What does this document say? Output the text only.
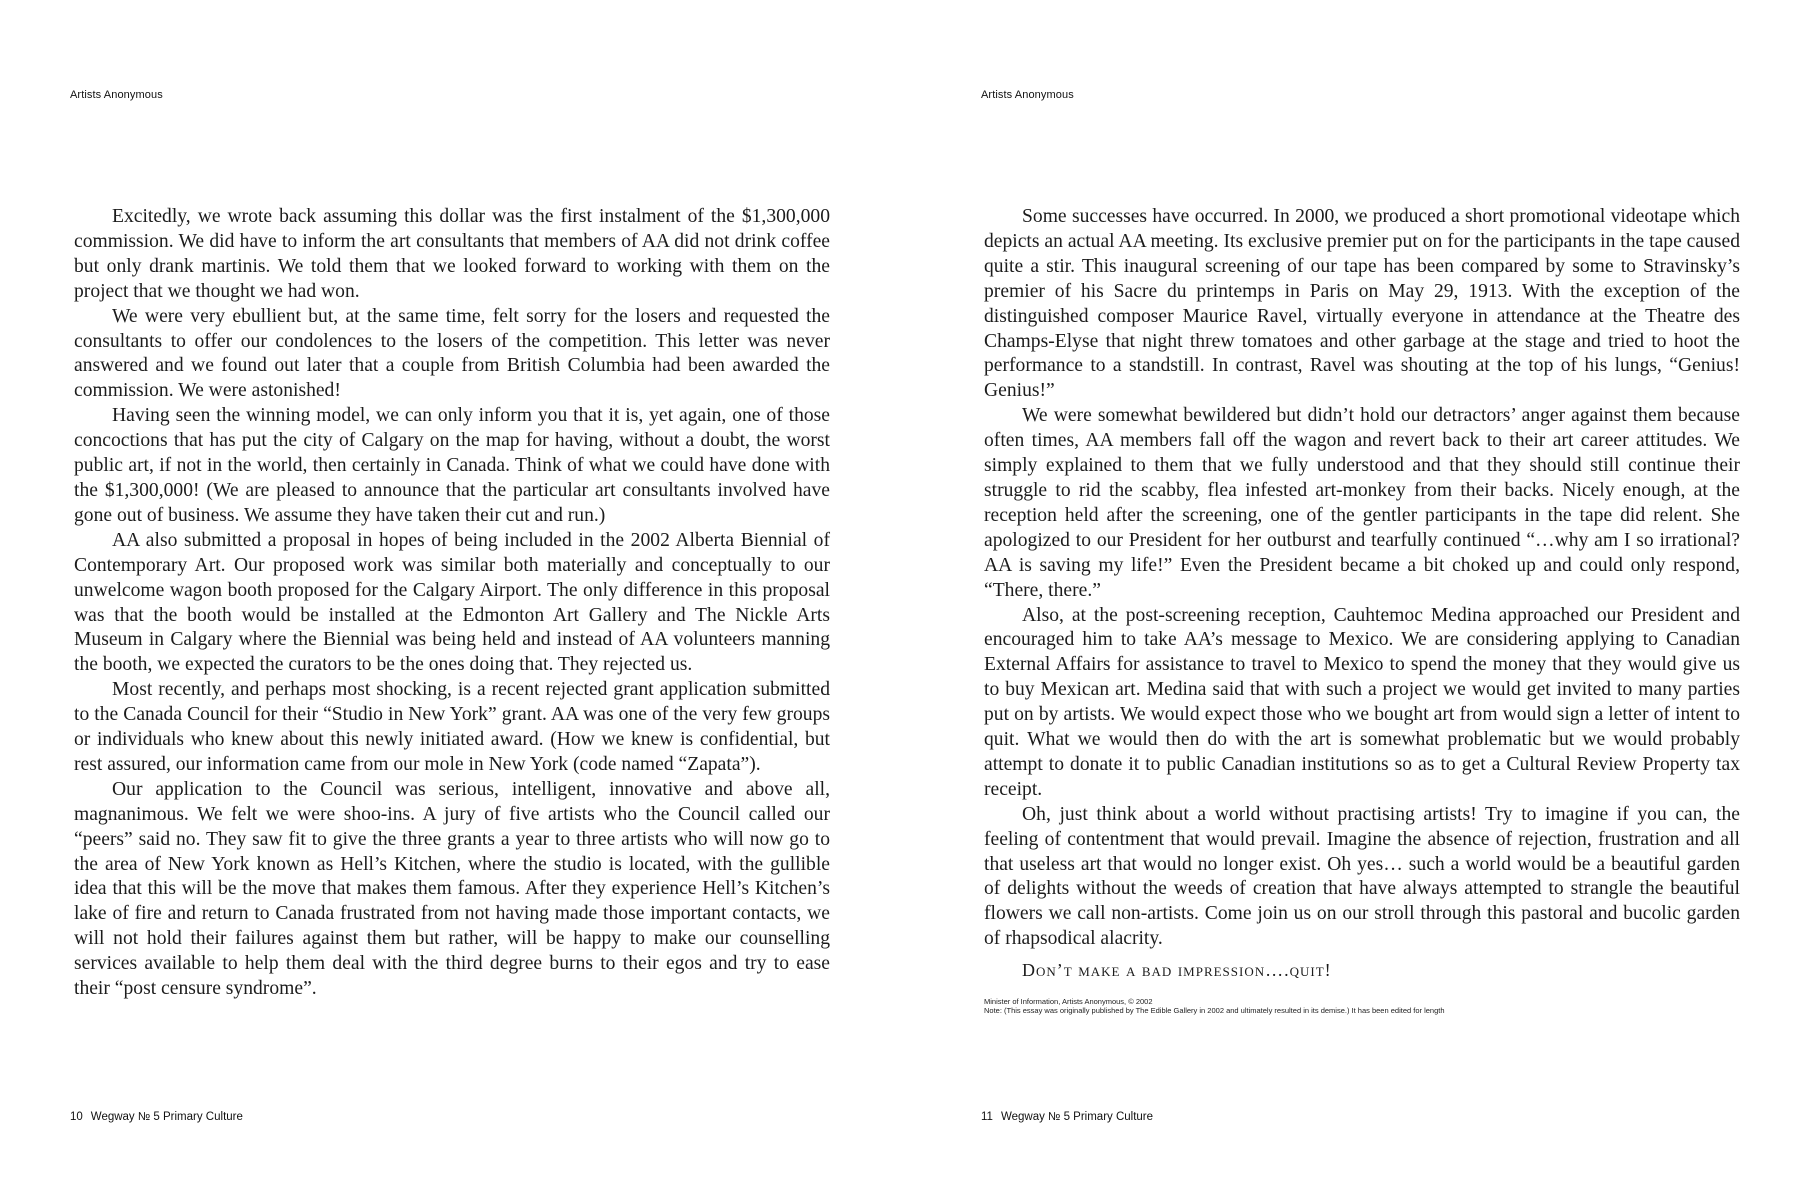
Artists Anonymous

Excitedly, we wrote back assuming this dollar was the first instalment of the $1,300,000 commission. We did have to inform the art consultants that members of AA did not drink coffee but only drank martinis. We told them that we looked forward to working with them on the project that we thought we had won.

We were very ebullient but, at the same time, felt sorry for the losers and requested the consultants to offer our condolences to the losers of the competition. This letter was never answered and we found out later that a couple from British Columbia had been awarded the commission. We were astonished!

Having seen the winning model, we can only inform you that it is, yet again, one of those concoctions that has put the city of Calgary on the map for having, without a doubt, the worst public art, if not in the world, then certainly in Canada. Think of what we could have done with the $1,300,000! (We are pleased to announce that the particular art consultants involved have gone out of business. We assume they have taken their cut and run.)

AA also submitted a proposal in hopes of being included in the 2002 Alberta Biennial of Contemporary Art. Our proposed work was similar both materially and conceptually to our unwelcome wagon booth proposed for the Calgary Airport. The only difference in this proposal was that the booth would be installed at the Edmonton Art Gallery and The Nickle Arts Museum in Calgary where the Biennial was being held and instead of AA volunteers manning the booth, we expected the curators to be the ones doing that. They rejected us.

Most recently, and perhaps most shocking, is a recent rejected grant application submitted to the Canada Council for their “Studio in New York” grant. AA was one of the very few groups or individuals who knew about this newly initiated award. (How we knew is confidential, but rest assured, our information came from our mole in New York (code named “Zapata”).

Our application to the Council was serious, intelligent, innovative and above all, magnanimous. We felt we were shoo-ins. A jury of five artists who the Council called our “peers” said no. They saw fit to give the three grants a year to three artists who will now go to the area of New York known as Hell’s Kitchen, where the studio is located, with the gullible idea that this will be the move that makes them famous. After they experience Hell’s Kitchen’s lake of fire and return to Canada frustrated from not having made those important contacts, we will not hold their failures against them but rather, will be happy to make our counselling services available to help them deal with the third degree burns to their egos and try to ease their “post censure syndrome”.

10 Wegway № 5 Primary Culture
Artists Anonymous

Some successes have occurred. In 2000, we produced a short promotional videotape which depicts an actual AA meeting. Its exclusive premier put on for the participants in the tape caused quite a stir. This inaugural screening of our tape has been compared by some to Stravinsky’s premier of his Sacre du printemps in Paris on May 29, 1913. With the exception of the distinguished composer Maurice Ravel, virtually everyone in attendance at the Theatre des Champs-Elyse that night threw tomatoes and other garbage at the stage and tried to hoot the performance to a standstill. In contrast, Ravel was shouting at the top of his lungs, “Genius! Genius!”

We were somewhat bewildered but didn’t hold our detractors’ anger against them because often times, AA members fall off the wagon and revert back to their art career attitudes. We simply explained to them that we fully understood and that they should still continue their struggle to rid the scabby, flea infested art-monkey from their backs. Nicely enough, at the reception held after the screening, one of the gentler participants in the tape did relent. She apologized to our President for her outburst and tearfully continued “…why am I so irrational? AA is saving my life!” Even the President became a bit choked up and could only respond, “There, there.”

Also, at the post-screening reception, Cauhtemoc Medina approached our President and encouraged him to take AA’s message to Mexico. We are considering applying to Canadian External Affairs for assistance to travel to Mexico to spend the money that they would give us to buy Mexican art. Medina said that with such a project we would get invited to many parties put on by artists. We would expect those who we bought art from would sign a letter of intent to quit. What we would then do with the art is somewhat problematic but we would probably attempt to donate it to public Canadian institutions so as to get a Cultural Review Property tax receipt.

Oh, just think about a world without practising artists! Try to imagine if you can, the feeling of contentment that would prevail. Imagine the absence of rejection, frustration and all that useless art that would no longer exist. Oh yes… such a world would be a beautiful garden of delights without the weeds of creation that have always attempted to strangle the beautiful flowers we call non-artists. Come join us on our stroll through this pastoral and bucolic garden of rhapsodical alacrity.

Don’t make a bad impression….quit!

Minister of Information, Artists Anonymous, © 2002
Note: (This essay was originally published by The Edible Gallery in 2002 and ultimately resulted in its demise.) It has been edited for length
11 Wegway № 5 Primary Culture
